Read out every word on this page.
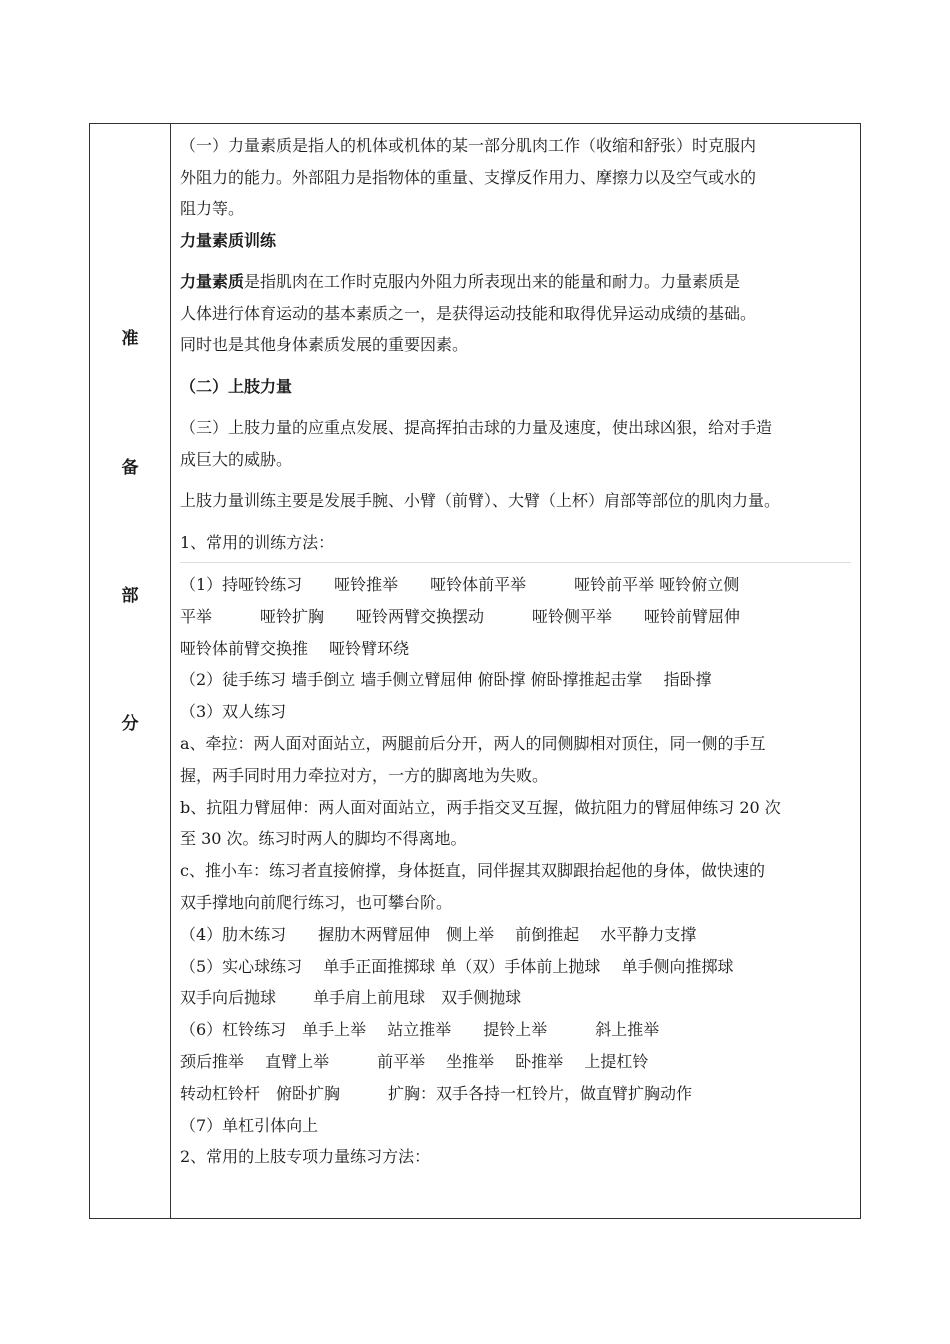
准
备
部
分
（一）力量素质是指人的机体或机体的某一部分肌肉工作（收缩和舒张）时克服内
外阻力的能力。外部阻力是指物体的重量、支撑反作用力、摩擦力以及空气或水的
阻力等。
力量素质训练
力量素质是指肌肉在工作时克服内外阻力所表现出来的能量和耐力。力量素质是
人体进行体育运动的基本素质之一，是获得运动技能和取得优异运动成绩的基础。
同时也是其他身体素质发展的重要因素。
（二）上肢力量
（三）上肢力量的应重点发展、提高挥拍击球的力量及速度，使出球凶狠，给对手造
成巨大的威胁。
上肢力量训练主要是发展手腕、小臂（前臂）、大臂（上杯）肩部等部位的肌肉力量。
1、常用的训练方法：
（1）持哑铃练习　　哑铃推举　　哑铃体前平举　　　哑铃前平举 哑铃俯立侧
平举　　　哑铃扩胸　　哑铃两臂交换摆动　　　哑铃侧平举　　哑铃前臂屈伸
哑铃体前臂交换推　 哑铃臂环绕
（2）徒手练习 墙手倒立 墙手侧立臂屈伸 俯卧撑 俯卧撑推起击掌　 指卧撑
（3）双人练习
a、牵拉：两人面对面站立，两腿前后分开，两人的同侧脚相对顶住，同一侧的手互
握，两手同时用力牵拉对方，一方的脚离地为失败。
b、抗阻力臂屈伸：两人面对面站立，两手指交叉互握，做抗阻力的臂屈伸练习 20 次
至 30 次。练习时两人的脚均不得离地。
c、推小车：练习者直接俯撑，身体挺直，同伴握其双脚跟抬起他的身体，做快速的
双手撑地向前爬行练习，也可攀台阶。
（4）肋木练习　　握肋木两臂屈伸　侧上举　 前倒推起　 水平静力支撑
（5）实心球练习　 单手正面推掷球 单（双）手体前上抛球　 单手侧向推掷球
双手向后抛球　　 单手肩上前甩球　双手侧抛球
（6）杠铃练习　单手上举　 站立推举　　提铃上举　　　斜上推举
颈后推举　 直臂上举　　　前平举　 坐推举　 卧推举　 上提杠铃
转动杠铃杆　俯卧扩胸　　　扩胸：双手各持一杠铃片，做直臂扩胸动作
（7）单杠引体向上
2、常用的上肢专项力量练习方法：
